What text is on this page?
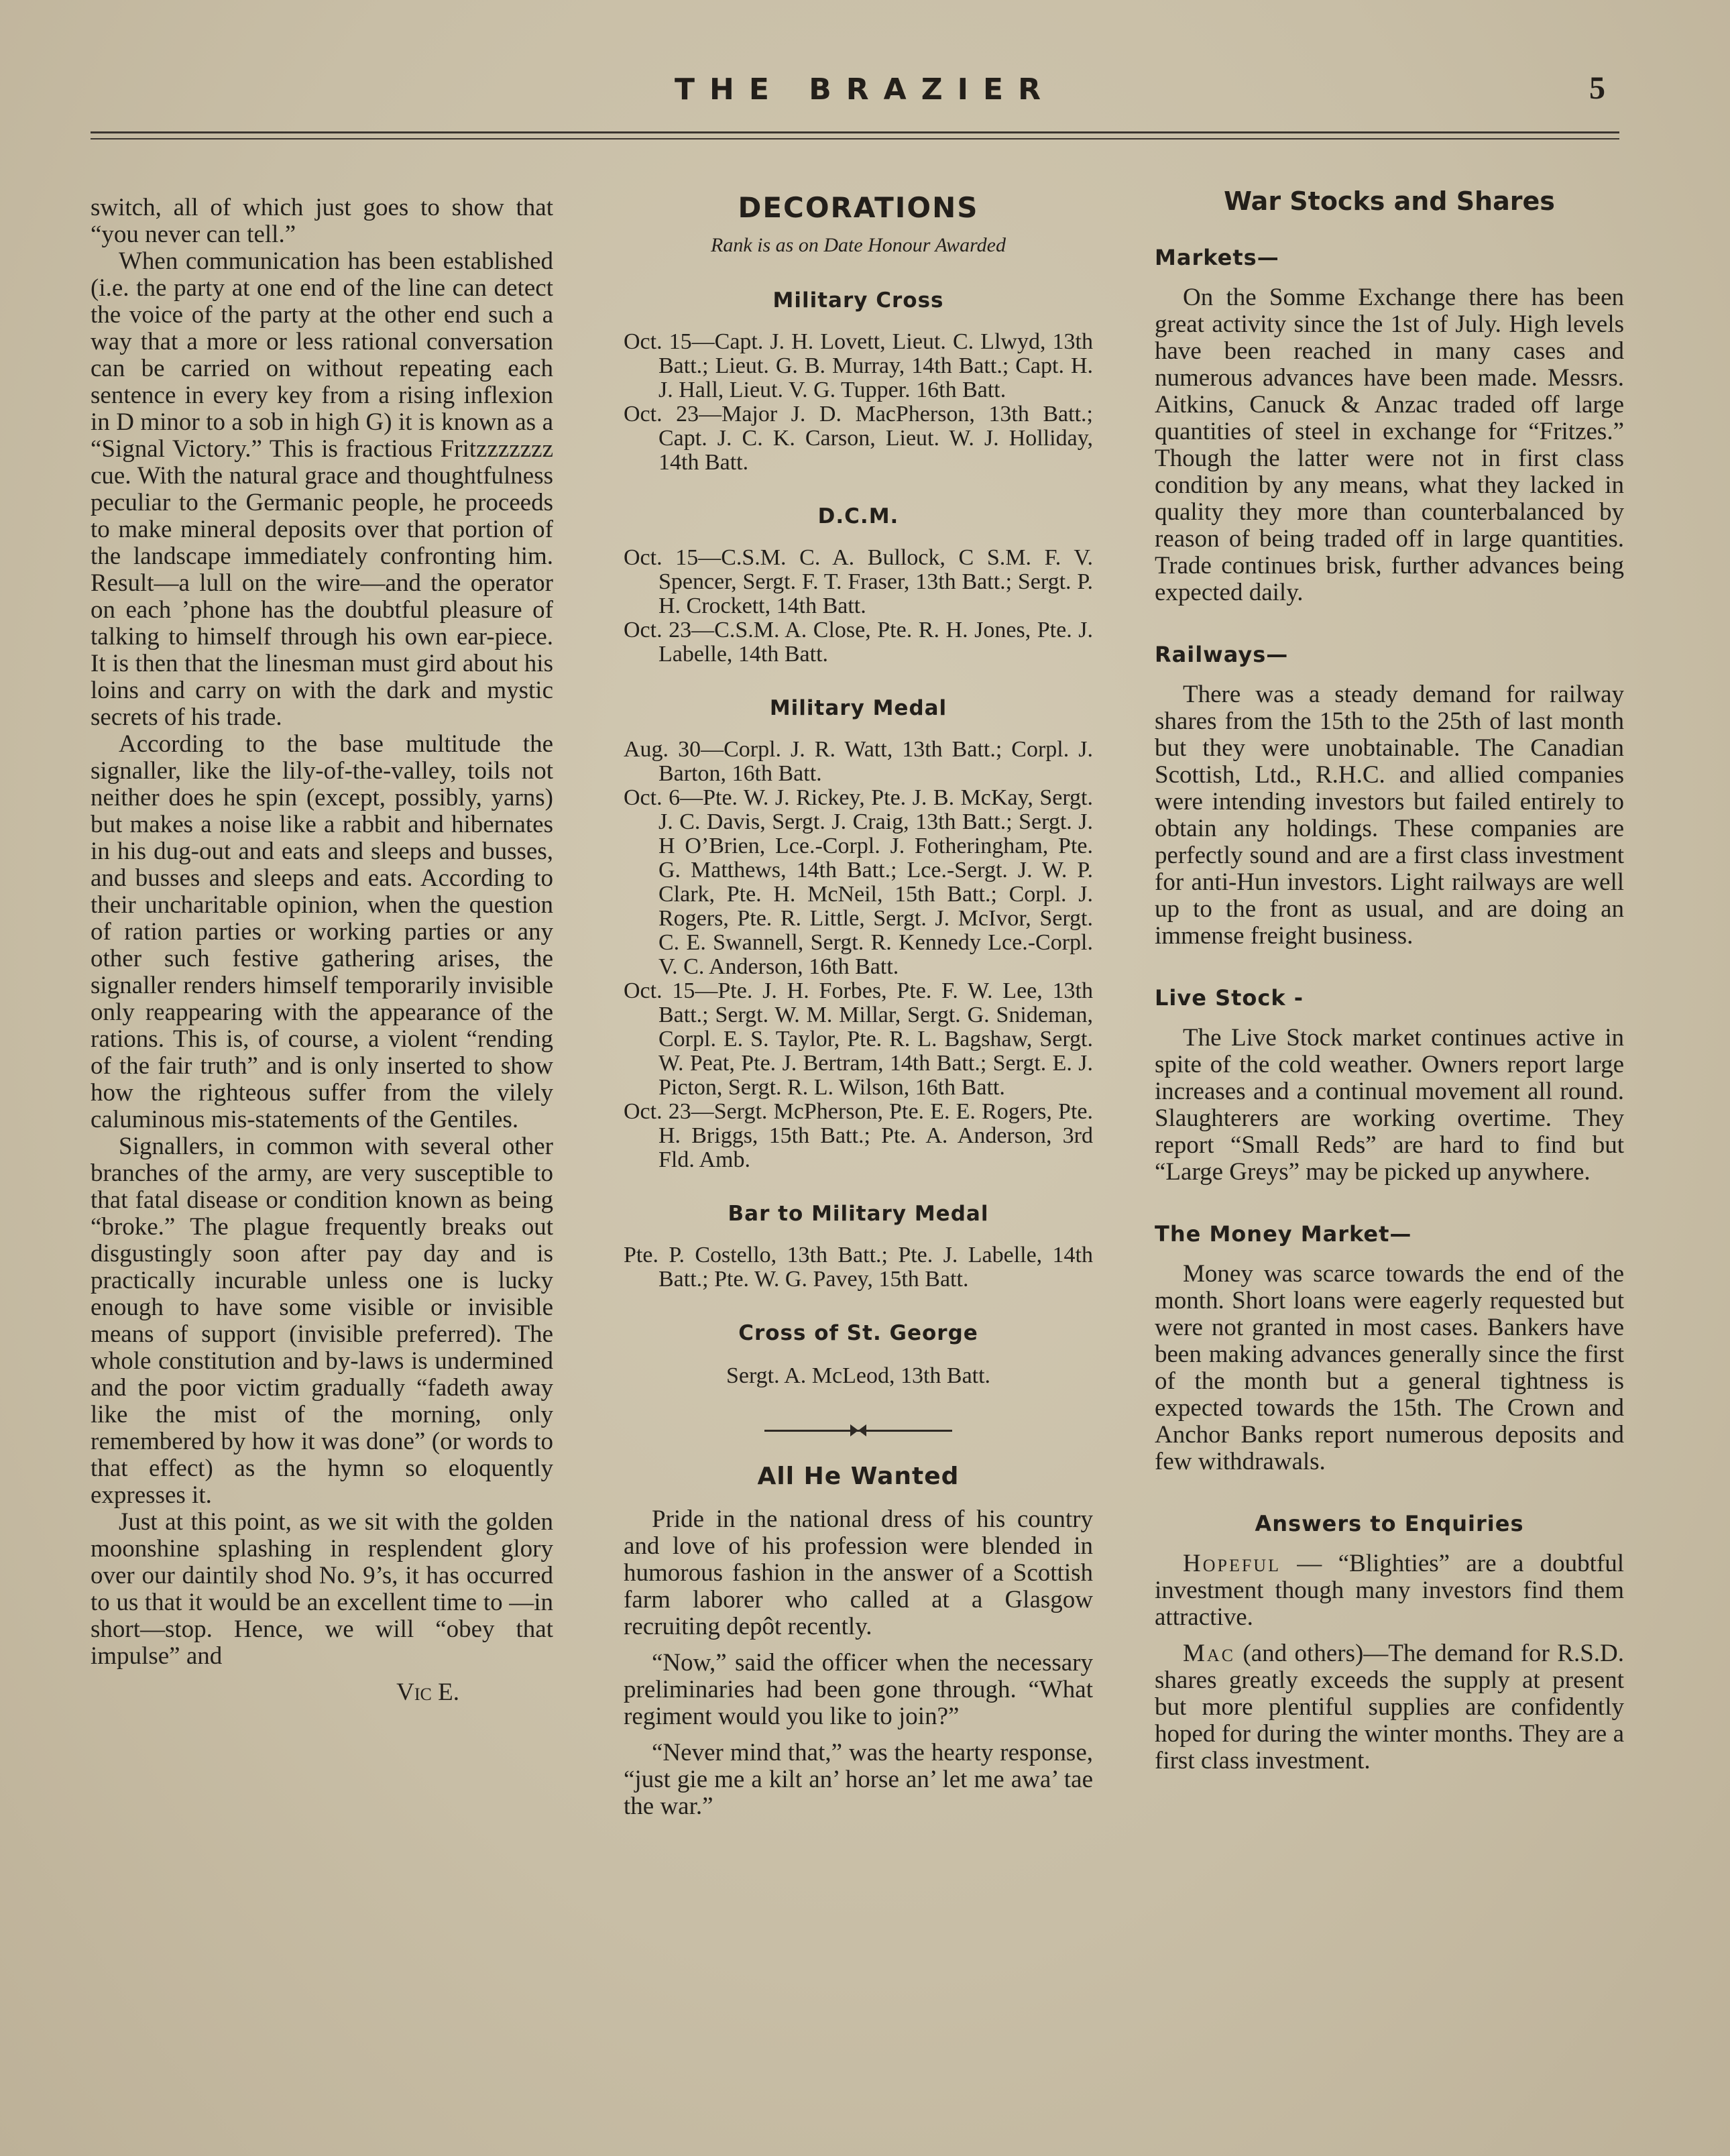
THE BRAZIER	5

switch, all of which just goes to show that “you never can tell.”

When communication has been established (i.e. the party at one end of the line can detect the voice of the party at the other end such a way that a more or less rational conversation can be carried on without repeating each sentence in every key from a rising inflexion in D minor to a sob in high G) it is known as a “Signal Victory.” This is fractious Fritzzzzzzz cue. With the natural grace and thoughtfulness peculiar to the Germanic people, he proceeds to make mineral deposits over that portion of the landscape immediately confronting him. Result—a lull on the wire—and the operator on each ’phone has the doubtful pleasure of talking to himself through his own ear-piece. It is then that the linesman must gird about his loins and carry on with the dark and mystic secrets of his trade.

According to the base multitude the signaller, like the lily-of-the-valley, toils not neither does he spin (except, possibly, yarns) but makes a noise like a rabbit and hibernates in his dug-out and eats and sleeps and busses, and busses and sleeps and eats. According to their uncharitable opinion, when the question of ration parties or working parties or any other such festive gathering arises, the signaller renders himself temporarily invisible only reappearing with the appearance of the rations. This is, of course, a violent “rending of the fair truth” and is only inserted to show how the righteous suffer from the vilely caluminous mis-statements of the Gentiles.

Signallers, in common with several other branches of the army, are very susceptible to that fatal disease or condition known as being “broke.” The plague frequently breaks out disgustingly soon after pay day and is practically incurable unless one is lucky enough to have some visible or invisible means of support (invisible preferred). The whole constitution and by-laws is undermined and the poor victim gradually “fadeth away like the mist of the morning, only remembered by how it was done” (or words to that effect) as the hymn so eloquently expresses it.

Just at this point, as we sit with the golden moonshine splashing in resplendent glory over our daintily shod No. 9’s, it has occurred to us that it would be an excellent time to —in short—stop. Hence, we will “obey that impulse” and

Vic E.
DECORATIONS
Rank is as on Date Honour Awarded
Military Cross
Oct. 15—Capt. J. H. Lovett, Lieut. C. Llwyd, 13th Batt.; Lieut. G. B. Murray, 14th Batt.; Capt. H. J. Hall, Lieut. V. G. Tupper. 16th Batt.
Oct. 23—Major J. D. MacPherson, 13th Batt.; Capt. J. C. K. Carson, Lieut. W. J. Holliday, 14th Batt.
D.C.M.
Oct. 15—C.S.M. C. A. Bullock, C S.M. F. V. Spencer, Sergt. F. T. Fraser, 13th Batt.; Sergt. P. H. Crockett, 14th Batt.
Oct. 23—C.S.M. A. Close, Pte. R. H. Jones, Pte. J. Labelle, 14th Batt.
Military Medal
Aug. 30—Corpl. J. R. Watt, 13th Batt.; Corpl. J. Barton, 16th Batt.
Oct. 6—Pte. W. J. Rickey, Pte. J. B. McKay, Sergt. J. C. Davis, Sergt. J. Craig, 13th Batt.; Sergt. J. H O’Brien, Lce.-Corpl. J. Fotheringham, Pte. G. Matthews, 14th Batt.; Lce.-Sergt. J. W. P. Clark, Pte. H. McNeil, 15th Batt.; Corpl. J. Rogers, Pte. R. Little, Sergt. J. McIvor, Sergt. C. E. Swannell, Sergt. R. Kennedy Lce.-Corpl. V. C. Anderson, 16th Batt.
Oct. 15—Pte. J. H. Forbes, Pte. F. W. Lee, 13th Batt.; Sergt. W. M. Millar, Sergt. G. Snideman, Corpl. E. S. Taylor, Pte. R. L. Bagshaw, Sergt. W. Peat, Pte. J. Bertram, 14th Batt.; Sergt. E. J. Picton, Sergt. R. L. Wilson, 16th Batt.
Oct. 23—Sergt. McPherson, Pte. E. E. Rogers, Pte. H. Briggs, 15th Batt.; Pte. A. Anderson, 3rd Fld. Amb.
Bar to Military Medal
Pte. P. Costello, 13th Batt.; Pte. J. Labelle, 14th Batt.; Pte. W. G. Pavey, 15th Batt.
Cross of St. George
Sergt. A. McLeod, 13th Batt.
All He Wanted

Pride in the national dress of his country and love of his profession were blended in humorous fashion in the answer of a Scottish farm laborer who called at a Glasgow recruiting depôt recently.

“Now,” said the officer when the necessary preliminaries had been gone through. “What regiment would you like to join?”

“Never mind that,” was the hearty response, “just gie me a kilt an’ horse an’ let me awa’ tae the war.”

War Stocks and Shares
Markets—

On the Somme Exchange there has been great activity since the 1st of July. High levels have been reached in many cases and numerous advances have been made. Messrs. Aitkins, Canuck & Anzac traded off large quantities of steel in exchange for “Fritzes.” Though the latter were not in first class condition by any means, what they lacked in quality they more than counterbalanced by reason of being traded off in large quantities. Trade continues brisk, further advances being expected daily.

Railways—

There was a steady demand for railway shares from the 15th to the 25th of last month but they were unobtainable. The Canadian Scottish, Ltd., R.H.C. and allied companies were intending investors but failed entirely to obtain any holdings. These companies are perfectly sound and are a first class investment for anti-Hun investors. Light railways are well up to the front as usual, and are doing an immense freight business.

Live Stock -

The Live Stock market continues active in spite of the cold weather. Owners report large increases and a continual movement all round. Slaughterers are working overtime. They report “Small Reds” are hard to find but “Large Greys” may be picked up anywhere.

The Money Market—

Money was scarce towards the end of the month. Short loans were eagerly requested but were not granted in most cases. Bankers have been making advances generally since the first of the month but a general tightness is expected towards the 15th. The Crown and Anchor Banks report numerous deposits and few withdrawals.

Answers to Enquiries

Hopeful — “Blighties” are a doubtful investment though many investors find them attractive.

Mac (and others)—The demand for R.S.D. shares greatly exceeds the supply at present but more plentiful supplies are confidently hoped for during the winter months. They are a first class investment.
